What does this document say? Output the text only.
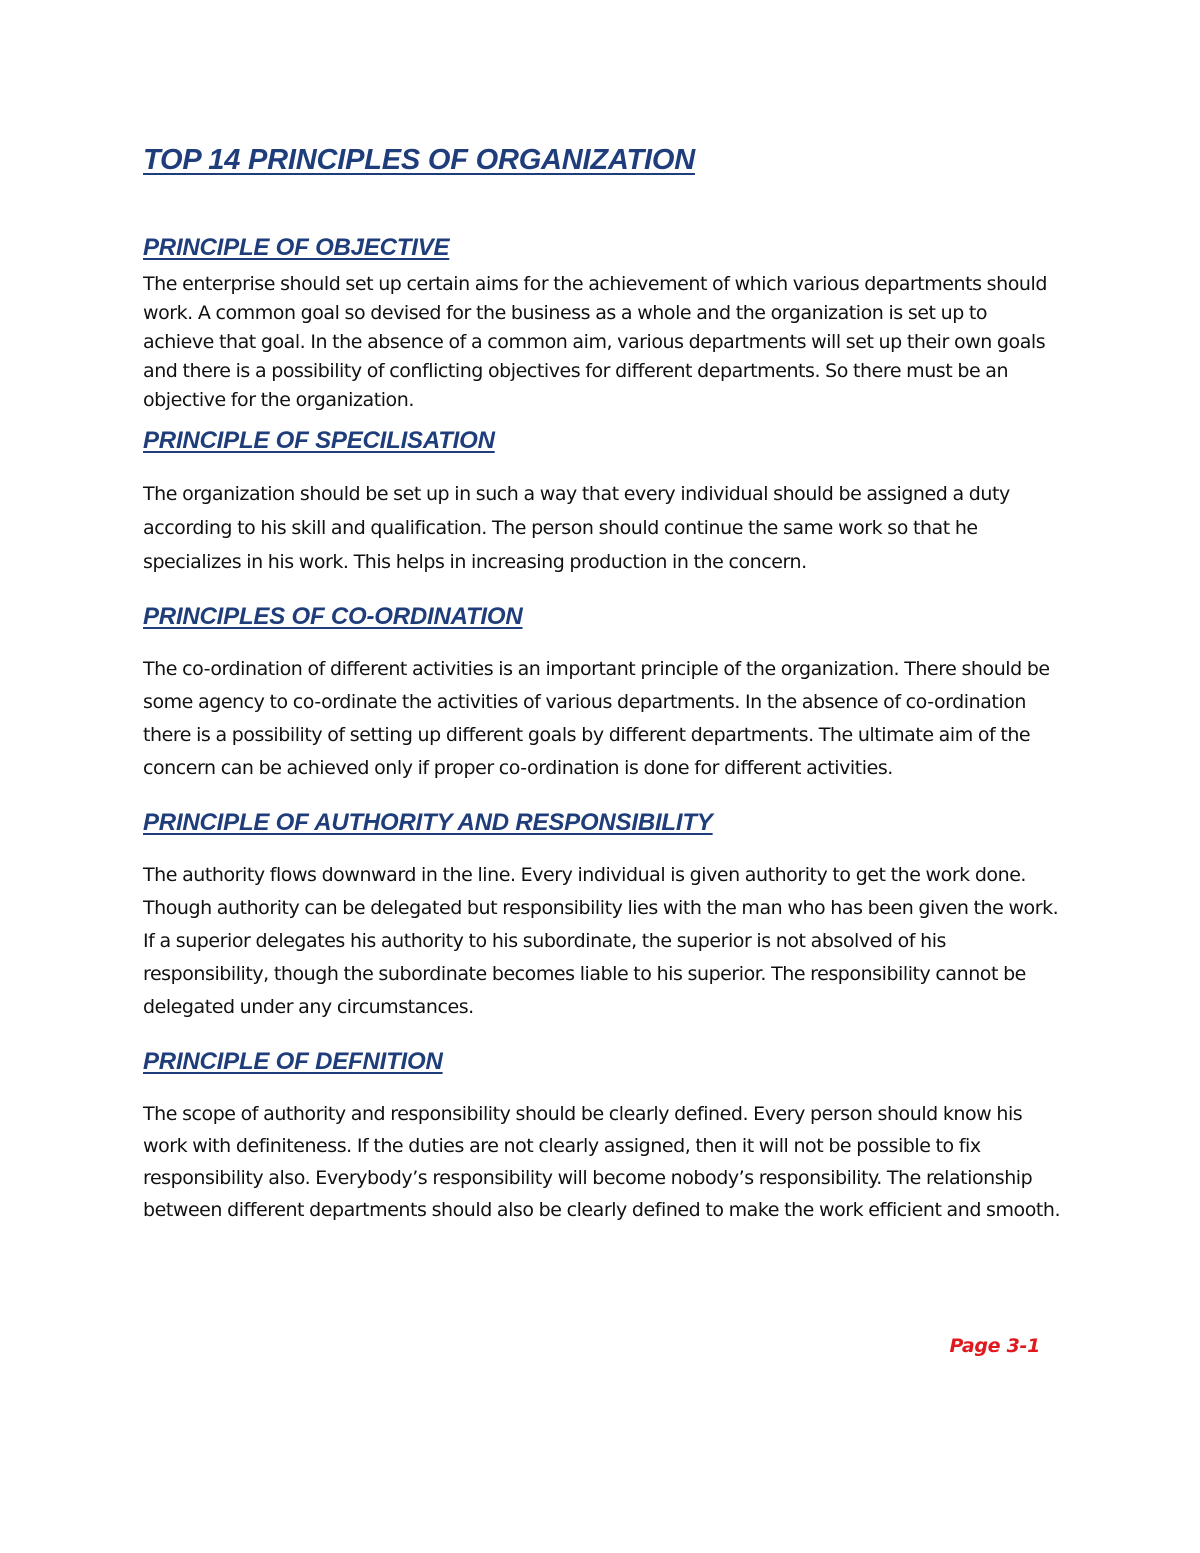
TOP 14 PRINCIPLES OF ORGANIZATION
PRINCIPLE OF OBJECTIVE

The enterprise should set up certain aims for the achievement of which various departments should work. A common goal so devised for the business as a whole and the organization is set up to achieve that goal. In the absence of a common aim, various departments will set up their own goals and there is a possibility of conflicting objectives for different departments. So there must be an objective for the organization.

PRINCIPLE OF SPECILISATION

The organization should be set up in such a way that every individual should be assigned a duty according to his skill and qualification. The person should continue the same work so that he specializes in his work. This helps in increasing production in the concern.

PRINCIPLES OF CO-ORDINATION

The co-ordination of different activities is an important principle of the organization. There should be some agency to co-ordinate the activities of various departments. In the absence of co-ordination there is a possibility of setting up different goals by different departments. The ultimate aim of the concern can be achieved only if proper co-ordination is done for different activities.

PRINCIPLE OF AUTHORITY AND RESPONSIBILITY

The authority flows downward in the line. Every individual is given authority to get the work done. Though authority can be delegated but responsibility lies with the man who has been given the work. If a superior delegates his authority to his subordinate, the superior is not absolved of his responsibility, though the subordinate becomes liable to his superior. The responsibility cannot be delegated under any circumstances.

PRINCIPLE OF DEFNITION

The scope of authority and responsibility should be clearly defined. Every person should know his work with definiteness. If the duties are not clearly assigned, then it will not be possible to fix responsibility also. Everybody’s responsibility will become nobody’s responsibility. The relationship between different departments should also be clearly defined to make the work efficient and smooth.

Page 3-1
